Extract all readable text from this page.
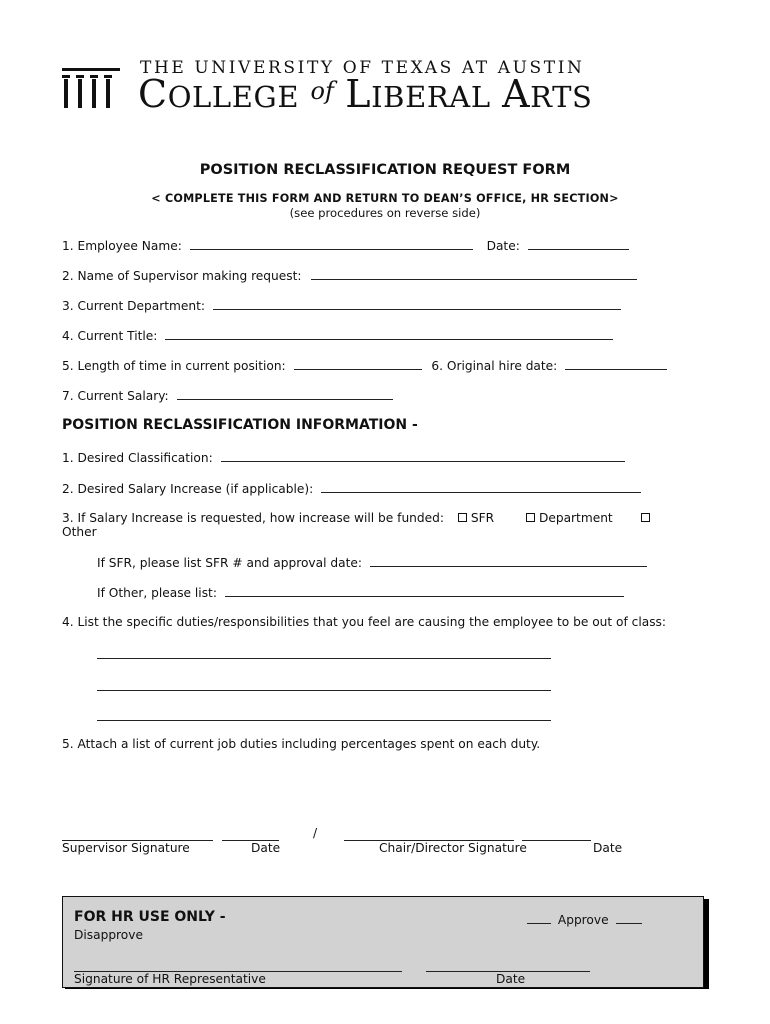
THE UNIVERSITY OF TEXAS AT AUSTIN
COLLEGE $^{of}$ LIBERAL ARTS
POSITION RECLASSIFICATION REQUEST FORM
< COMPLETE THIS FORM AND RETURN TO DEAN’S OFFICE, HR SECTION>
(see procedures on reverse side)
1. Employee Name:	Date:
2. Name of Supervisor making request:
3. Current Department:
4. Current Title:
5. Length of time in current position:	6. Original hire date:
7. Current Salary:
POSITION RECLASSIFICATION INFORMATION -
1. Desired Classification:
2. Desired Salary Increase (if applicable):
3. If Salary Increase is requested, how increase will be funded: SFR	Department
Other
If SFR, please list SFR # and approval date:
If Other, please list:
4. List the specific duties/responsibilities that you feel are causing the employee to be out of class:
5. Attach a list of current job duties including percentages spent on each duty.
/
Supervisor Signature	Date	Chair/Director Signature	Date
FOR HR USE ONLY -
Disapprove
Approve
Signature of HR Representative	Date
